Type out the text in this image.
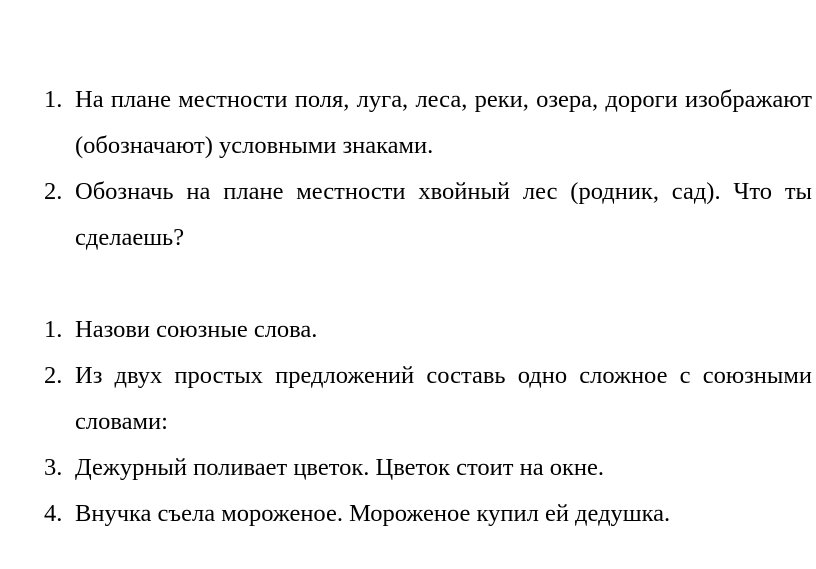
1. На плане местности поля, луга, леса, реки, озера, дороги изображают (обозначают) условными знаками.
2. Обозначь на плане местности хвойный лес (родник, сад). Что ты сделаешь?
1. Назови союзные слова.
2. Из двух простых предложений составь одно сложное с союзными словами:
3. Дежурный поливает цветок. Цветок стоит на окне.
4. Внучка съела мороженое. Мороженое купил ей дедушка.
